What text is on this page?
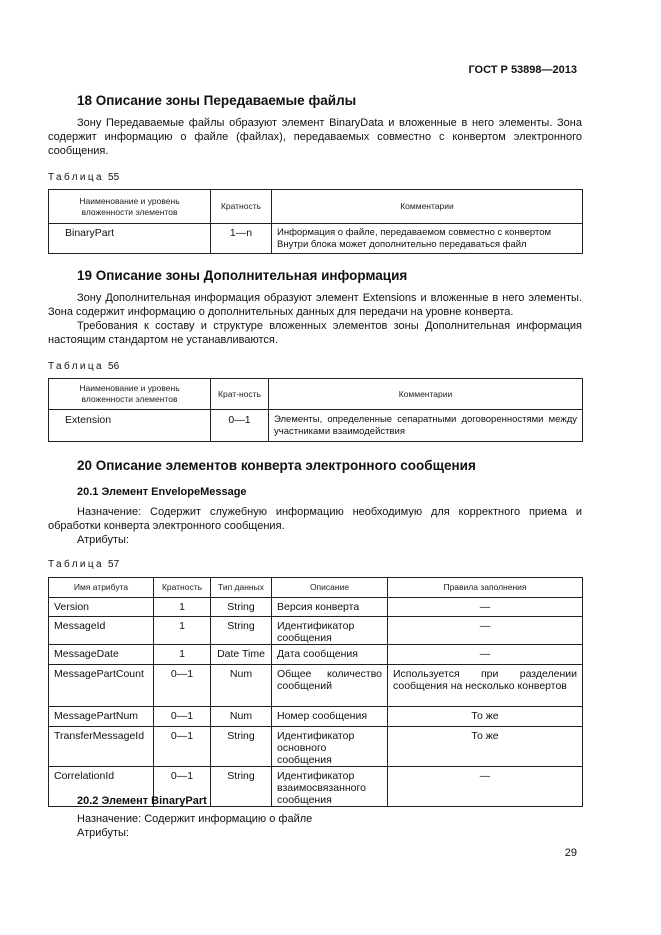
ГОСТ Р 53898—2013
18 Описание зоны Передаваемые файлы

Зону Передаваемые файлы образуют элемент BinaryData и вложенные в него элементы. Зона содержит информацию о файле (файлах), передаваемых совместно с конвертом электронного сообщения.

Таблица 55
Наименование и уровень вложенности элементов	Кратность	Комментарии
BinaryPart	1—n	Информация о файле, передаваемом совместно с конвертом Внутри блока может дополнительно передаваться файл
19 Описание зоны Дополнительная информация

Зону Дополнительная информация образуют элемент Extensions и вложенные в него элементы. Зона содержит информацию о дополнительных данных для передачи на уровне конверта.

Требования к составу и структуре вложенных элементов зоны Дополнительная информация настоящим стандартом не устанавливаются.

Таблица 56
Наименование и уровень вложенности элементов	Крат-ность	Комментарии
Extension	0—1	Элементы, определенные сепаратными договоренностями между участниками взаимодействия
20 Описание элементов конверта электронного сообщения
20.1 Элемент EnvelopeMessage

Назначение: Содержит служебную информацию необходимую для корректного приема и обработки конверта электронного сообщения.

Атрибуты:

Таблица 57
Имя атрибута	Кратность	Тип данных	Описание	Правила заполнения
Version	1	String	Версия конверта	—
MessageId	1	String	Идентификатор сообщения	—
MessageDate	1	Date Time	Дата сообщения	—
MessagePartCount	0—1	Num	Общее количество сообщений	Используется при разделении сообщения на несколько конвертов
MessagePartNum	0—1	Num	Номер сообщения	То же
TransferMessageId	0—1	String	Идентификатор основного сообщения	То же
CorrelationId	0—1	String	Идентификатор взаимосвязанного сообщения	—
20.2 Элемент BinaryPart

Назначение: Содержит информацию о файле

Атрибуты:

29
